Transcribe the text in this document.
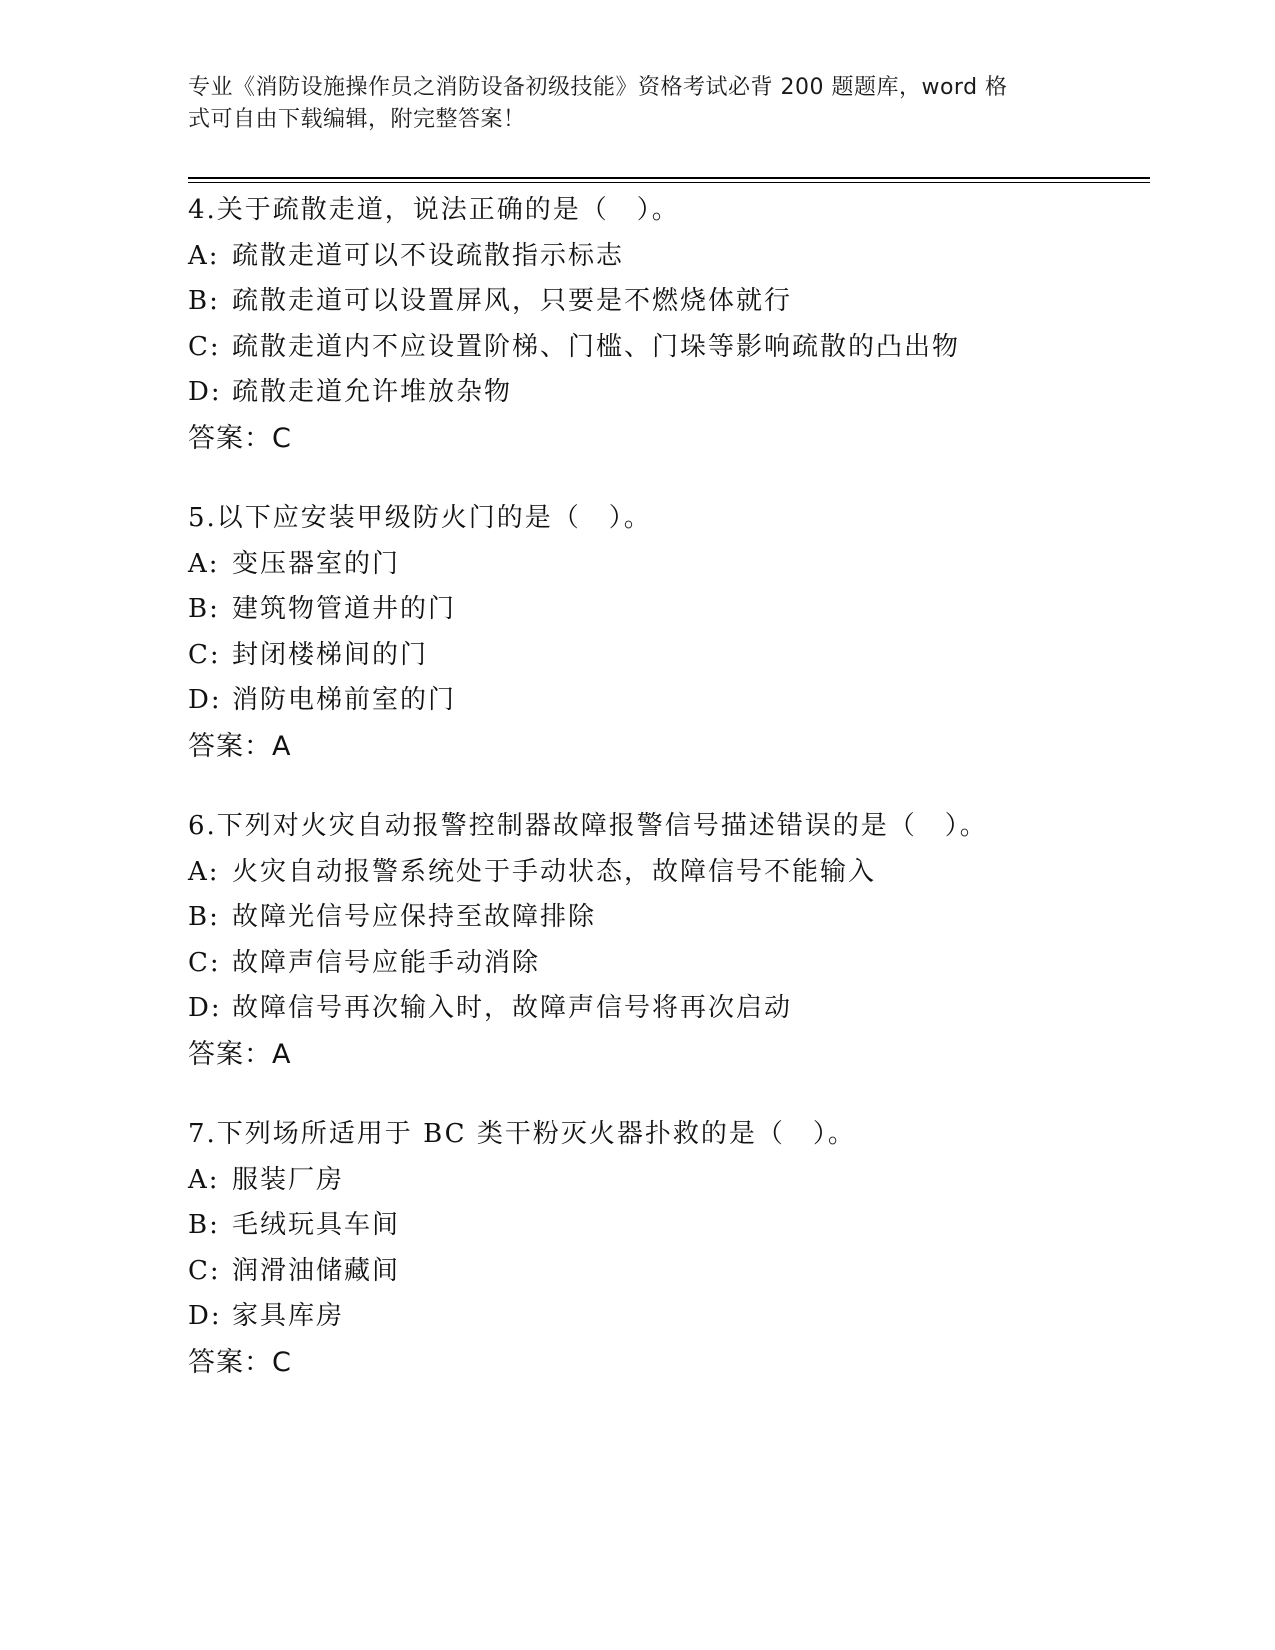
专业《消防设施操作员之消防设备初级技能》资格考试必背 200 题题库，word 格
式可自由下载编辑，附完整答案！
4.关于疏散走道，说法正确的是（　）。
A: 疏散走道可以不设疏散指示标志
B: 疏散走道可以设置屏风，只要是不燃烧体就行
C: 疏散走道内不应设置阶梯、门槛、门垛等影响疏散的凸出物
D: 疏散走道允许堆放杂物
答案：C
5.以下应安装甲级防火门的是（　）。
A: 变压器室的门
B: 建筑物管道井的门
C: 封闭楼梯间的门
D: 消防电梯前室的门
答案：A
6.下列对火灾自动报警控制器故障报警信号描述错误的是（　）。
A: 火灾自动报警系统处于手动状态，故障信号不能输入
B: 故障光信号应保持至故障排除
C: 故障声信号应能手动消除
D: 故障信号再次输入时，故障声信号将再次启动
答案：A
7.下列场所适用于 BC 类干粉灭火器扑救的是（　）。
A: 服装厂房
B: 毛绒玩具车间
C: 润滑油储藏间
D: 家具库房
答案：C
